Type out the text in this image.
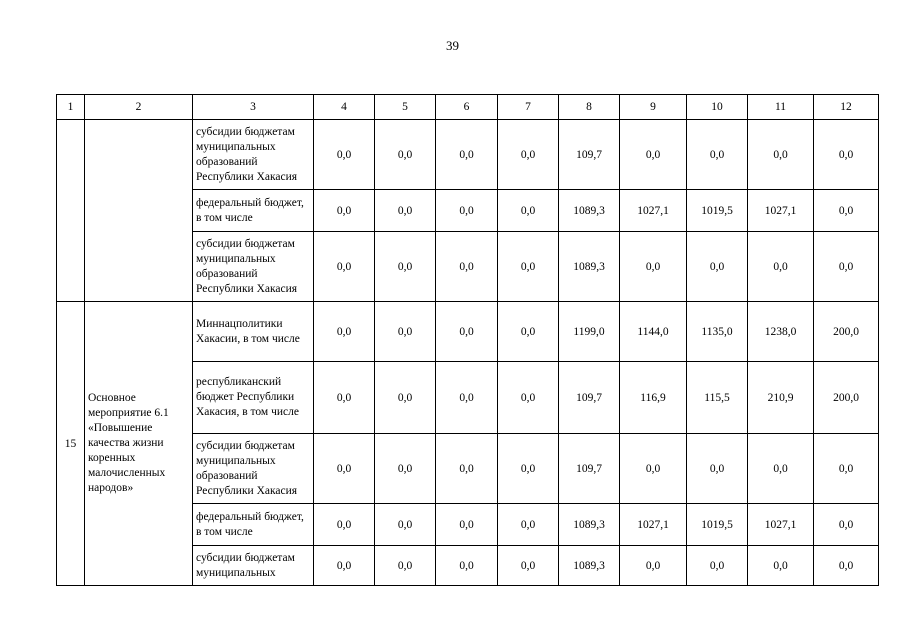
39
1	2	3	4	5	6	7	8	9	10	11	12
		субсидии бюджетам муниципальных образований Республики Хакасия	0,0	0,0	0,0	0,0	109,7	0,0	0,0	0,0	0,0
		федеральный бюджет, в том числе	0,0	0,0	0,0	0,0	1089,3	1027,1	1019,5	1027,1	0,0
		субсидии бюджетам муниципальных образований Республики Хакасия	0,0	0,0	0,0	0,0	1089,3	0,0	0,0	0,0	0,0
15	Основное мероприятие 6.1 «Повышение качества жизни коренных малочисленных народов»	Миннацполитики Хакасии, в том числе	0,0	0,0	0,0	0,0	1199,0	1144,0	1135,0	1238,0	200,0
		республиканский бюджет Республики Хакасия, в том числе	0,0	0,0	0,0	0,0	109,7	116,9	115,5	210,9	200,0
		субсидии бюджетам муниципальных образований Республики Хакасия	0,0	0,0	0,0	0,0	109,7	0,0	0,0	0,0	0,0
		федеральный бюджет, в том числе	0,0	0,0	0,0	0,0	1089,3	1027,1	1019,5	1027,1	0,0
		субсидии бюджетам муниципальных	0,0	0,0	0,0	0,0	1089,3	0,0	0,0	0,0	0,0
